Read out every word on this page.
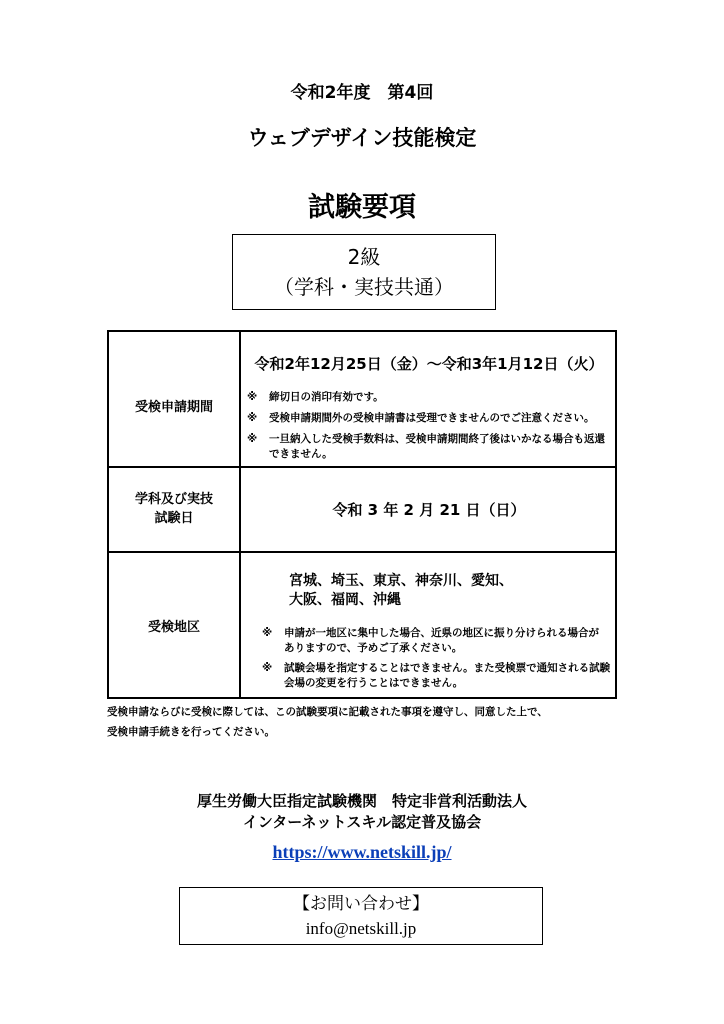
令和2年度　第4回
ウェブデザイン技能検定
試験要項
2級
（学科・実技共通）
受検申請期間
令和2年12月25日（金）～令和3年1月12日（火）
※ 締切日の消印有効です。
※ 受検申請期間外の受検申請書は受理できませんのでご注意ください。
※ 一旦納入した受検手数料は、受検申請期間終了後はいかなる場合も返還
できません。
学科及び実技
試験日	令和 3 年 2 月 21 日（日）
受検地区
宮城、埼玉、東京、神奈川、愛知、
大阪、福岡、沖縄
※ 申請が一地区に集中した場合、近県の地区に振り分けられる場合が
ありますので、予めご了承ください。
※ 試験会場を指定することはできません。また受検票で通知される試験
会場の変更を行うことはできません。
受検申請ならびに受検に際しては、この試験要項に記載された事項を遵守し、同意した上で、
受検申請手続きを行ってください。
厚生労働大臣指定試験機関　特定非営利活動法人
インターネットスキル認定普及協会
https://www.netskill.jp/
【お問い合わせ】
info@netskill.jp
